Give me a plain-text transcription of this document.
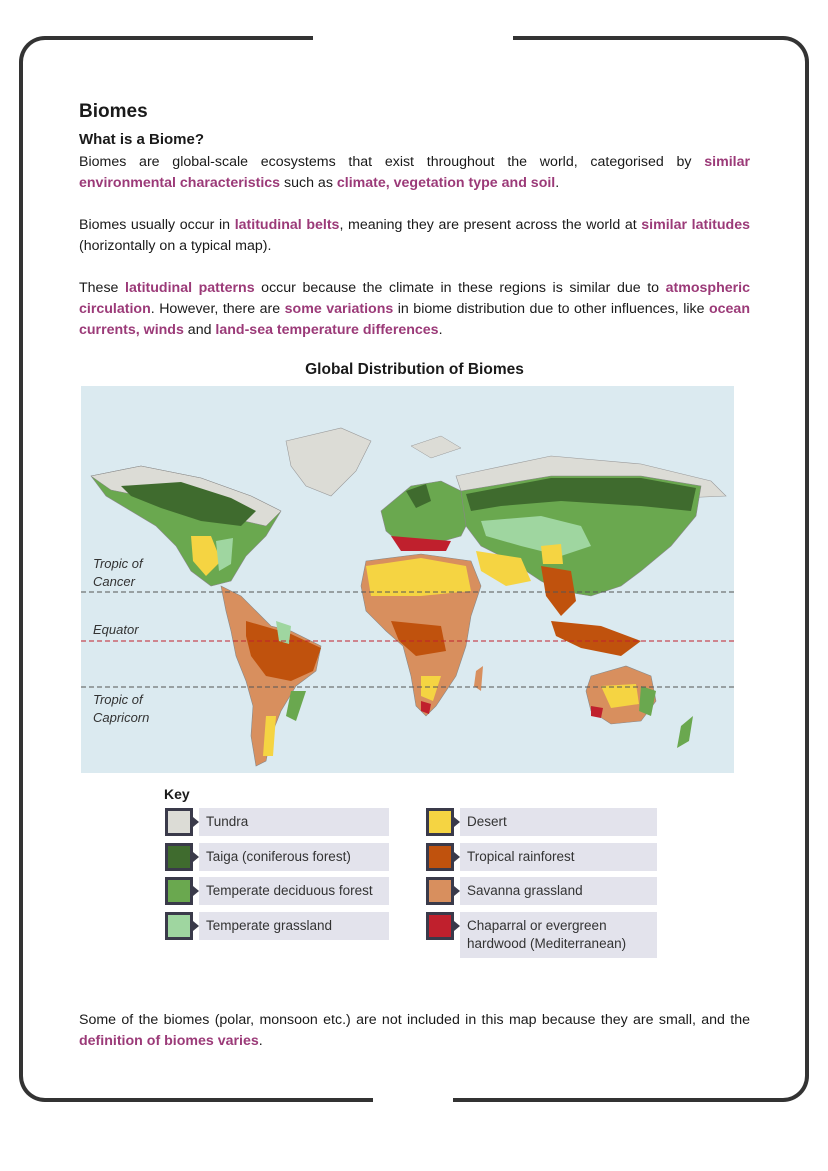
Biomes
What is a Biome?

Biomes are global-scale ecosystems that exist throughout the world, categorised by similar environmental characteristics such as climate, vegetation type and soil.

Biomes usually occur in latitudinal belts, meaning they are present across the world at similar latitudes (horizontally on a typical map).

These latitudinal patterns occur because the climate in these regions is similar due to atmospheric circulation. However, there are some variations in biome distribution due to other influences, like ocean currents, winds and land-sea temperature differences.

Global Distribution of Biomes
Tropic of
Cancer
Equator
Tropic of
Capricorn
Key
Tundra
Taiga (coniferous forest)
Temperate deciduous forest
Temperate grassland
Desert
Tropical rainforest
Savanna grassland
Chaparral or evergreen
hardwood (Mediterranean)

Some of the biomes (polar, monsoon etc.) are not included in this map because they are small, and the definition of biomes varies.
